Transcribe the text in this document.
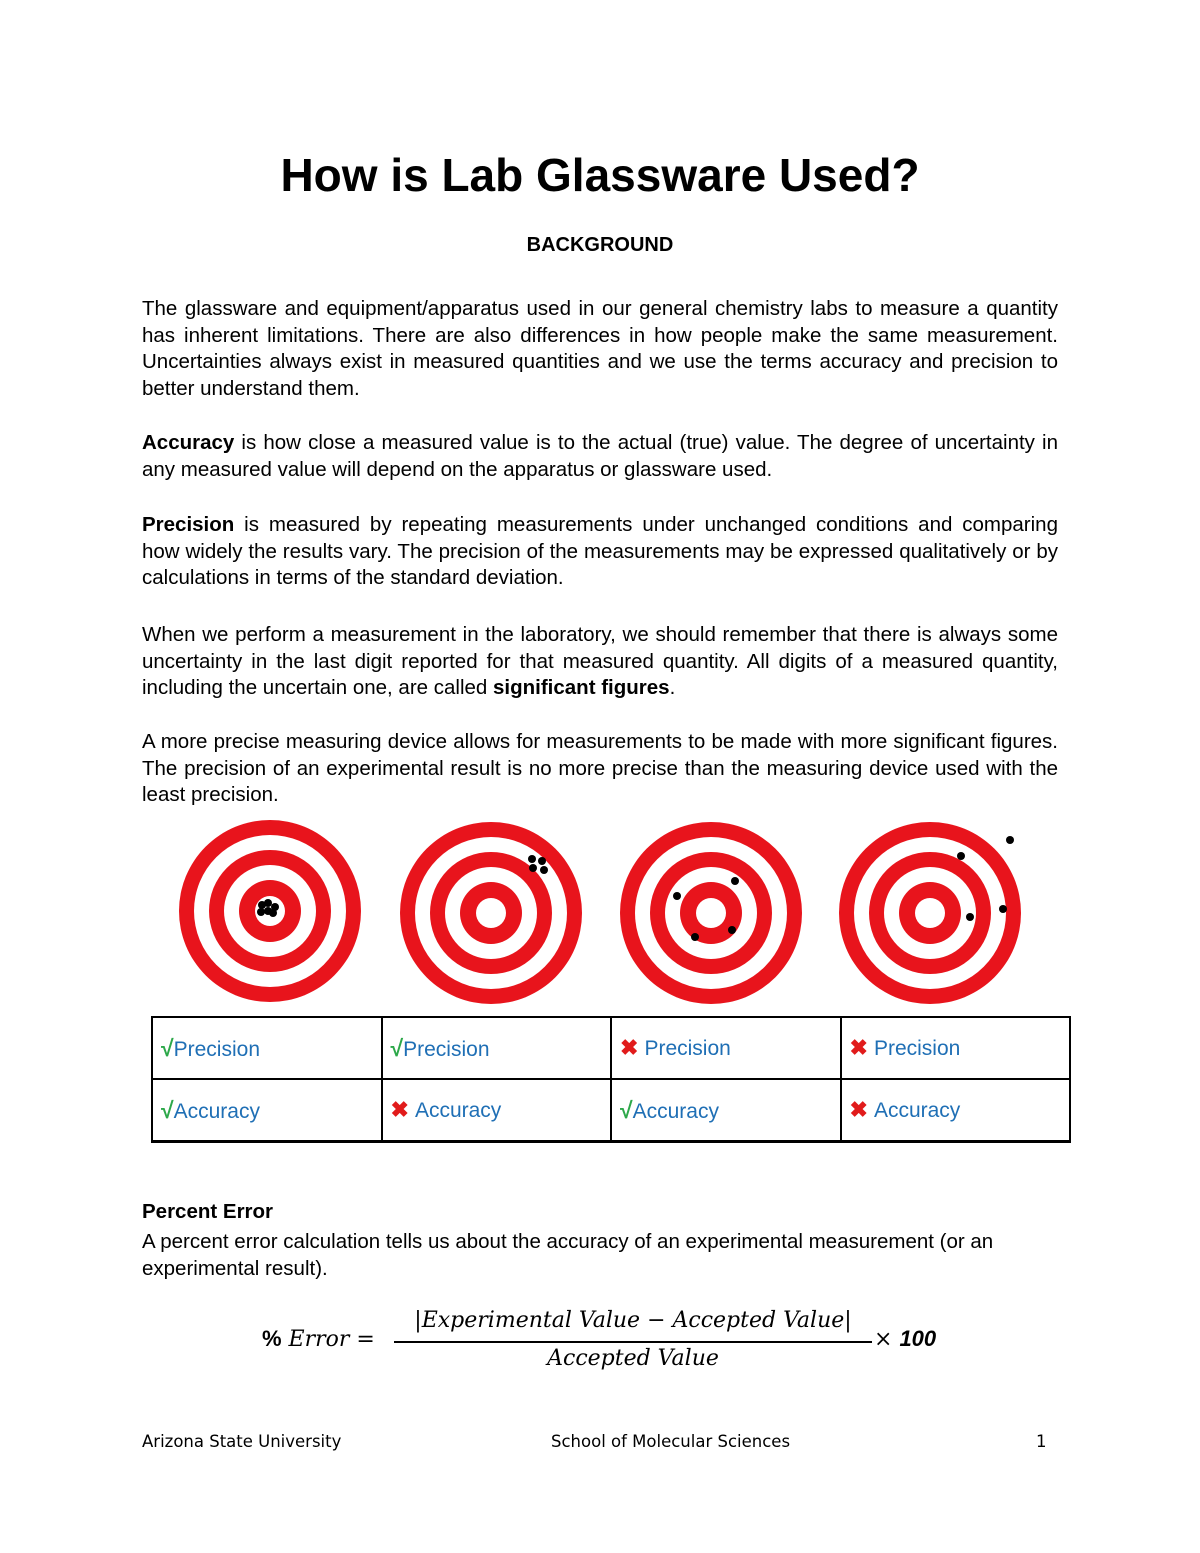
How is Lab Glassware Used?
BACKGROUND

The glassware and equipment/apparatus used in our general chemistry labs to measure a quantity has inherent limitations. There are also differences in how people make the same measurement. Uncertainties always exist in measured quantities and we use the terms accuracy and precision to better understand them.

Accuracy is how close a measured value is to the actual (true) value. The degree of uncertainty in any measured value will depend on the apparatus or glassware used.

Precision is measured by repeating measurements under unchanged conditions and comparing how widely the results vary. The precision of the measurements may be expressed qualitatively or by calculations in terms of the standard deviation.

When we perform a measurement in the laboratory, we should remember that there is always some uncertainty in the last digit reported for that measured quantity. All digits of a measured quantity, including the uncertain one, are called significant figures.

A more precise measuring device allows for measurements to be made with more significant figures. The precision of an experimental result is no more precise than the measuring device used with the least precision.

√Precision	√Precision	✖ Precision	✖ Precision
√Accuracy	✖ Accuracy	√Accuracy	✖ Accuracy
Percent Error

A percent error calculation tells us about the accuracy of an experimental measurement (or an experimental result).

% Error =
|Experimental Value − Accepted Value|
Accepted Value
× 100
Arizona State University	School of Molecular Sciences	1
